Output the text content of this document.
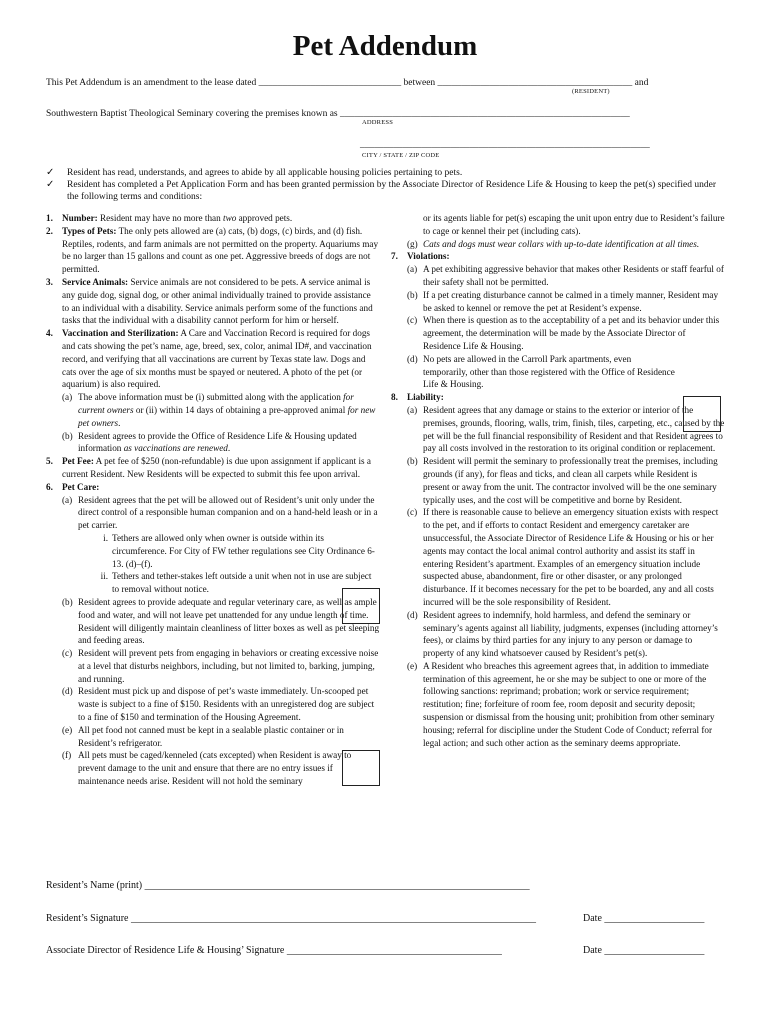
Pet Addendum
This Pet Addendum is an amendment to the lease dated ______________________________ between _________________________________________ and
(RESIDENT)
Southwestern Baptist Theological Seminary covering the premises known as _____________________________________________________________
ADDRESS
_____________________________________________________________
CITY / STATE / ZIP CODE
✓	Resident has read, understands, and agrees to abide by all applicable housing policies pertaining to pets.
✓	Resident has completed a Pet Application Form and has been granted permission by the Associate Director of Residence Life & Housing to keep the pet(s) specified under the following terms and conditions:
1. Number: Resident may have no more than two approved pets.
2. Types of Pets: The only pets allowed are (a) cats, (b) dogs, (c) birds, and (d) fish. Reptiles, rodents, and farm animals are not permitted on the property. Aquariums may be no larger than 15 gallons and count as one pet. Aggressive breeds of dogs are not permitted.
3. Service Animals: Service animals are not considered to be pets. A service animal is any guide dog, signal dog, or other animal individually trained to provide assistance to an individual with a disability. Service animals perform some of the functions and tasks that the individual with a disability cannot perform for him or herself.
4. Vaccination and Sterilization: A Care and Vaccination Record is required for dogs and cats showing the pet’s name, age, breed, sex, color, animal ID#, and vaccination record, and verifying that all vaccinations are current by Texas state law. Dogs and cats over the age of six months must be spayed or neutered. A photo of the pet (or aquarium) is also required.
(a) The above information must be (i) submitted along with the application for current owners or (ii) within 14 days of obtaining a pre-approved animal for new pet owners.
(b) Resident agrees to provide the Office of Residence Life & Housing updated information as vaccinations are renewed.
5. Pet Fee: A pet fee of $250 (non-refundable) is due upon assignment if applicant is a current Resident. New Residents will be expected to submit this fee upon arrival.
6. Pet Care:
(a) Resident agrees that the pet will be allowed out of Resident’s unit only under the direct control of a responsible human companion and on a hand-held leash or in a pet carrier.
i. Tethers are allowed only when owner is outside within its circumference. For City of FW tether regulations see City Ordinance 6-13. (d)–(f).
ii. Tethers and tether-stakes left outside a unit when not in use are subject to removal without notice.
(b) Resident agrees to provide adequate and regular veterinary care, as well as ample food and water, and will not leave pet unattended for any undue length of time. Resident will diligently maintain cleanliness of litter boxes as well as pet sleeping and feeding areas.
(c) Resident will prevent pets from engaging in behaviors or creating excessive noise at a level that disturbs neighbors, including, but not limited to, barking, jumping, and running.
(d) Resident must pick up and dispose of pet’s waste immediately. Un-scooped pet waste is subject to a fine of $150. Residents with an unregistered dog are subject to a fine of $150 and termination of the Housing Agreement.
(e) All pet food not canned must be kept in a sealable plastic container or in Resident’s refrigerator.
(f) All pets must be caged/kenneled (cats excepted) when Resident is away to prevent damage to the unit and ensure that there are no entry issues if maintenance needs arise. Resident will not hold the seminary
or its agents liable for pet(s) escaping the unit upon entry due to Resident’s failure to cage or kennel their pet (including cats).
(g) Cats and dogs must wear collars with up-to-date identification at all times.
7. Violations:
(a) A pet exhibiting aggressive behavior that makes other Residents or staff fearful of their safety shall not be permitted.
(b) If a pet creating disturbance cannot be calmed in a timely manner, Resident may be asked to kennel or remove the pet at Resident’s expense.
(c) When there is question as to the acceptability of a pet and its behavior under this agreement, the determination will be made by the Associate Director of Residence Life & Housing.
(d) No pets are allowed in the Carroll Park apartments, even temporarily, other than those registered with the Office of Residence Life & Housing.
8. Liability:
(a) Resident agrees that any damage or stains to the exterior or interior of the premises, grounds, flooring, walls, trim, finish, tiles, carpeting, etc., caused by the pet will be the full financial responsibility of Resident and that Resident agrees to pay all costs involved in the restoration to its original condition or replacement.
(b) Resident will permit the seminary to professionally treat the premises, including grounds (if any), for fleas and ticks, and clean all carpets while Resident is present or away from the unit. The contractor involved will be the one seminary typically uses, and the cost will be competitive and borne by Resident.
(c) If there is reasonable cause to believe an emergency situation exists with respect to the pet, and if efforts to contact Resident and emergency caretaker are unsuccessful, the Associate Director of Residence Life & Housing or his or her agents may contact the local animal control authority and assist its staff in entering Resident’s apartment. Examples of an emergency situation include suspected abuse, abandonment, fire or other disaster, or any prolonged disturbance. If it becomes necessary for the pet to be boarded, any and all costs incurred will be the sole responsibility of Resident.
(d) Resident agrees to indemnify, hold harmless, and defend the seminary or seminary’s agents against all liability, judgments, expenses (including attorney’s fees), or claims by third parties for any injury to any person or damage to property of any kind whatsoever caused by Resident’s pet(s).
(e) A Resident who breaches this agreement agrees that, in addition to immediate termination of this agreement, he or she may be subject to one or more of the following sanctions: reprimand; probation; work or service requirement; restitution; fine; forfeiture of room fee, room deposit and security deposit; suspension or dismissal from the housing unit; prohibition from other seminary housing; referral for discipline under the Student Code of Conduct; referral for legal action; and such other action as the seminary deems appropriate.
Resident’s Name (print) _____________________________________________________________________________
Resident’s Signature _________________________________________________________________________________	Date ____________________
Associate Director of Residence Life & Housing’ Signature ___________________________________________	Date ____________________
